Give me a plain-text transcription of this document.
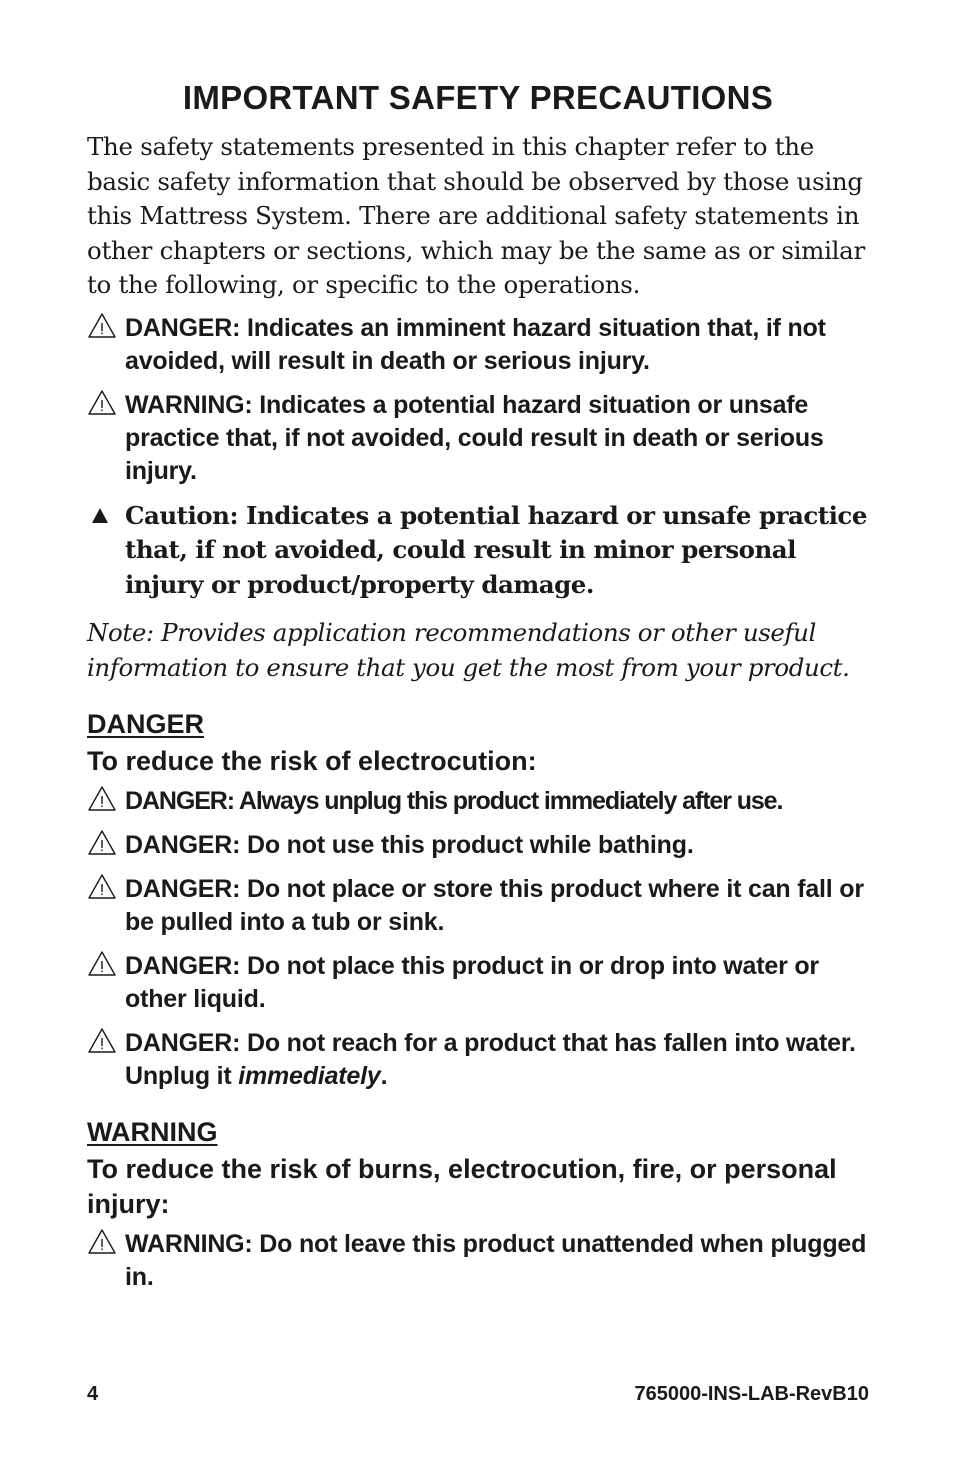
IMPORTANT SAFETY PRECAUTIONS

The safety statements presented in this chapter refer to the basic safety information that should be observed by those using this Mattress System. There are additional safety statements in other chapters or sections, which may be the same as or similar to the following, or specific to the operations.

DANGER: Indicates an imminent hazard situation that, if not avoided, will result in death or serious injury.
WARNING: Indicates a potential hazard situation or unsafe practice that, if not avoided, could result in death or serious injury.
Caution: Indicates a potential hazard or unsafe practice that, if not avoided, could result in minor personal injury or product/property damage.

Note: Provides application recommendations or other useful information to ensure that you get the most from your product.

DANGER
To reduce the risk of electrocution:
DANGER: Always unplug this product immediately after use.
DANGER: Do not use this product while bathing.
DANGER: Do not place or store this product where it can fall or be pulled into a tub or sink.
DANGER: Do not place this product in or drop into water or other liquid.
DANGER: Do not reach for a product that has fallen into water. Unplug it immediately.
WARNING
To reduce the risk of burns, electrocution, fire, or personal injury:
WARNING: Do not leave this product unattended when plugged in.
4	765000-INS-LAB-RevB10
